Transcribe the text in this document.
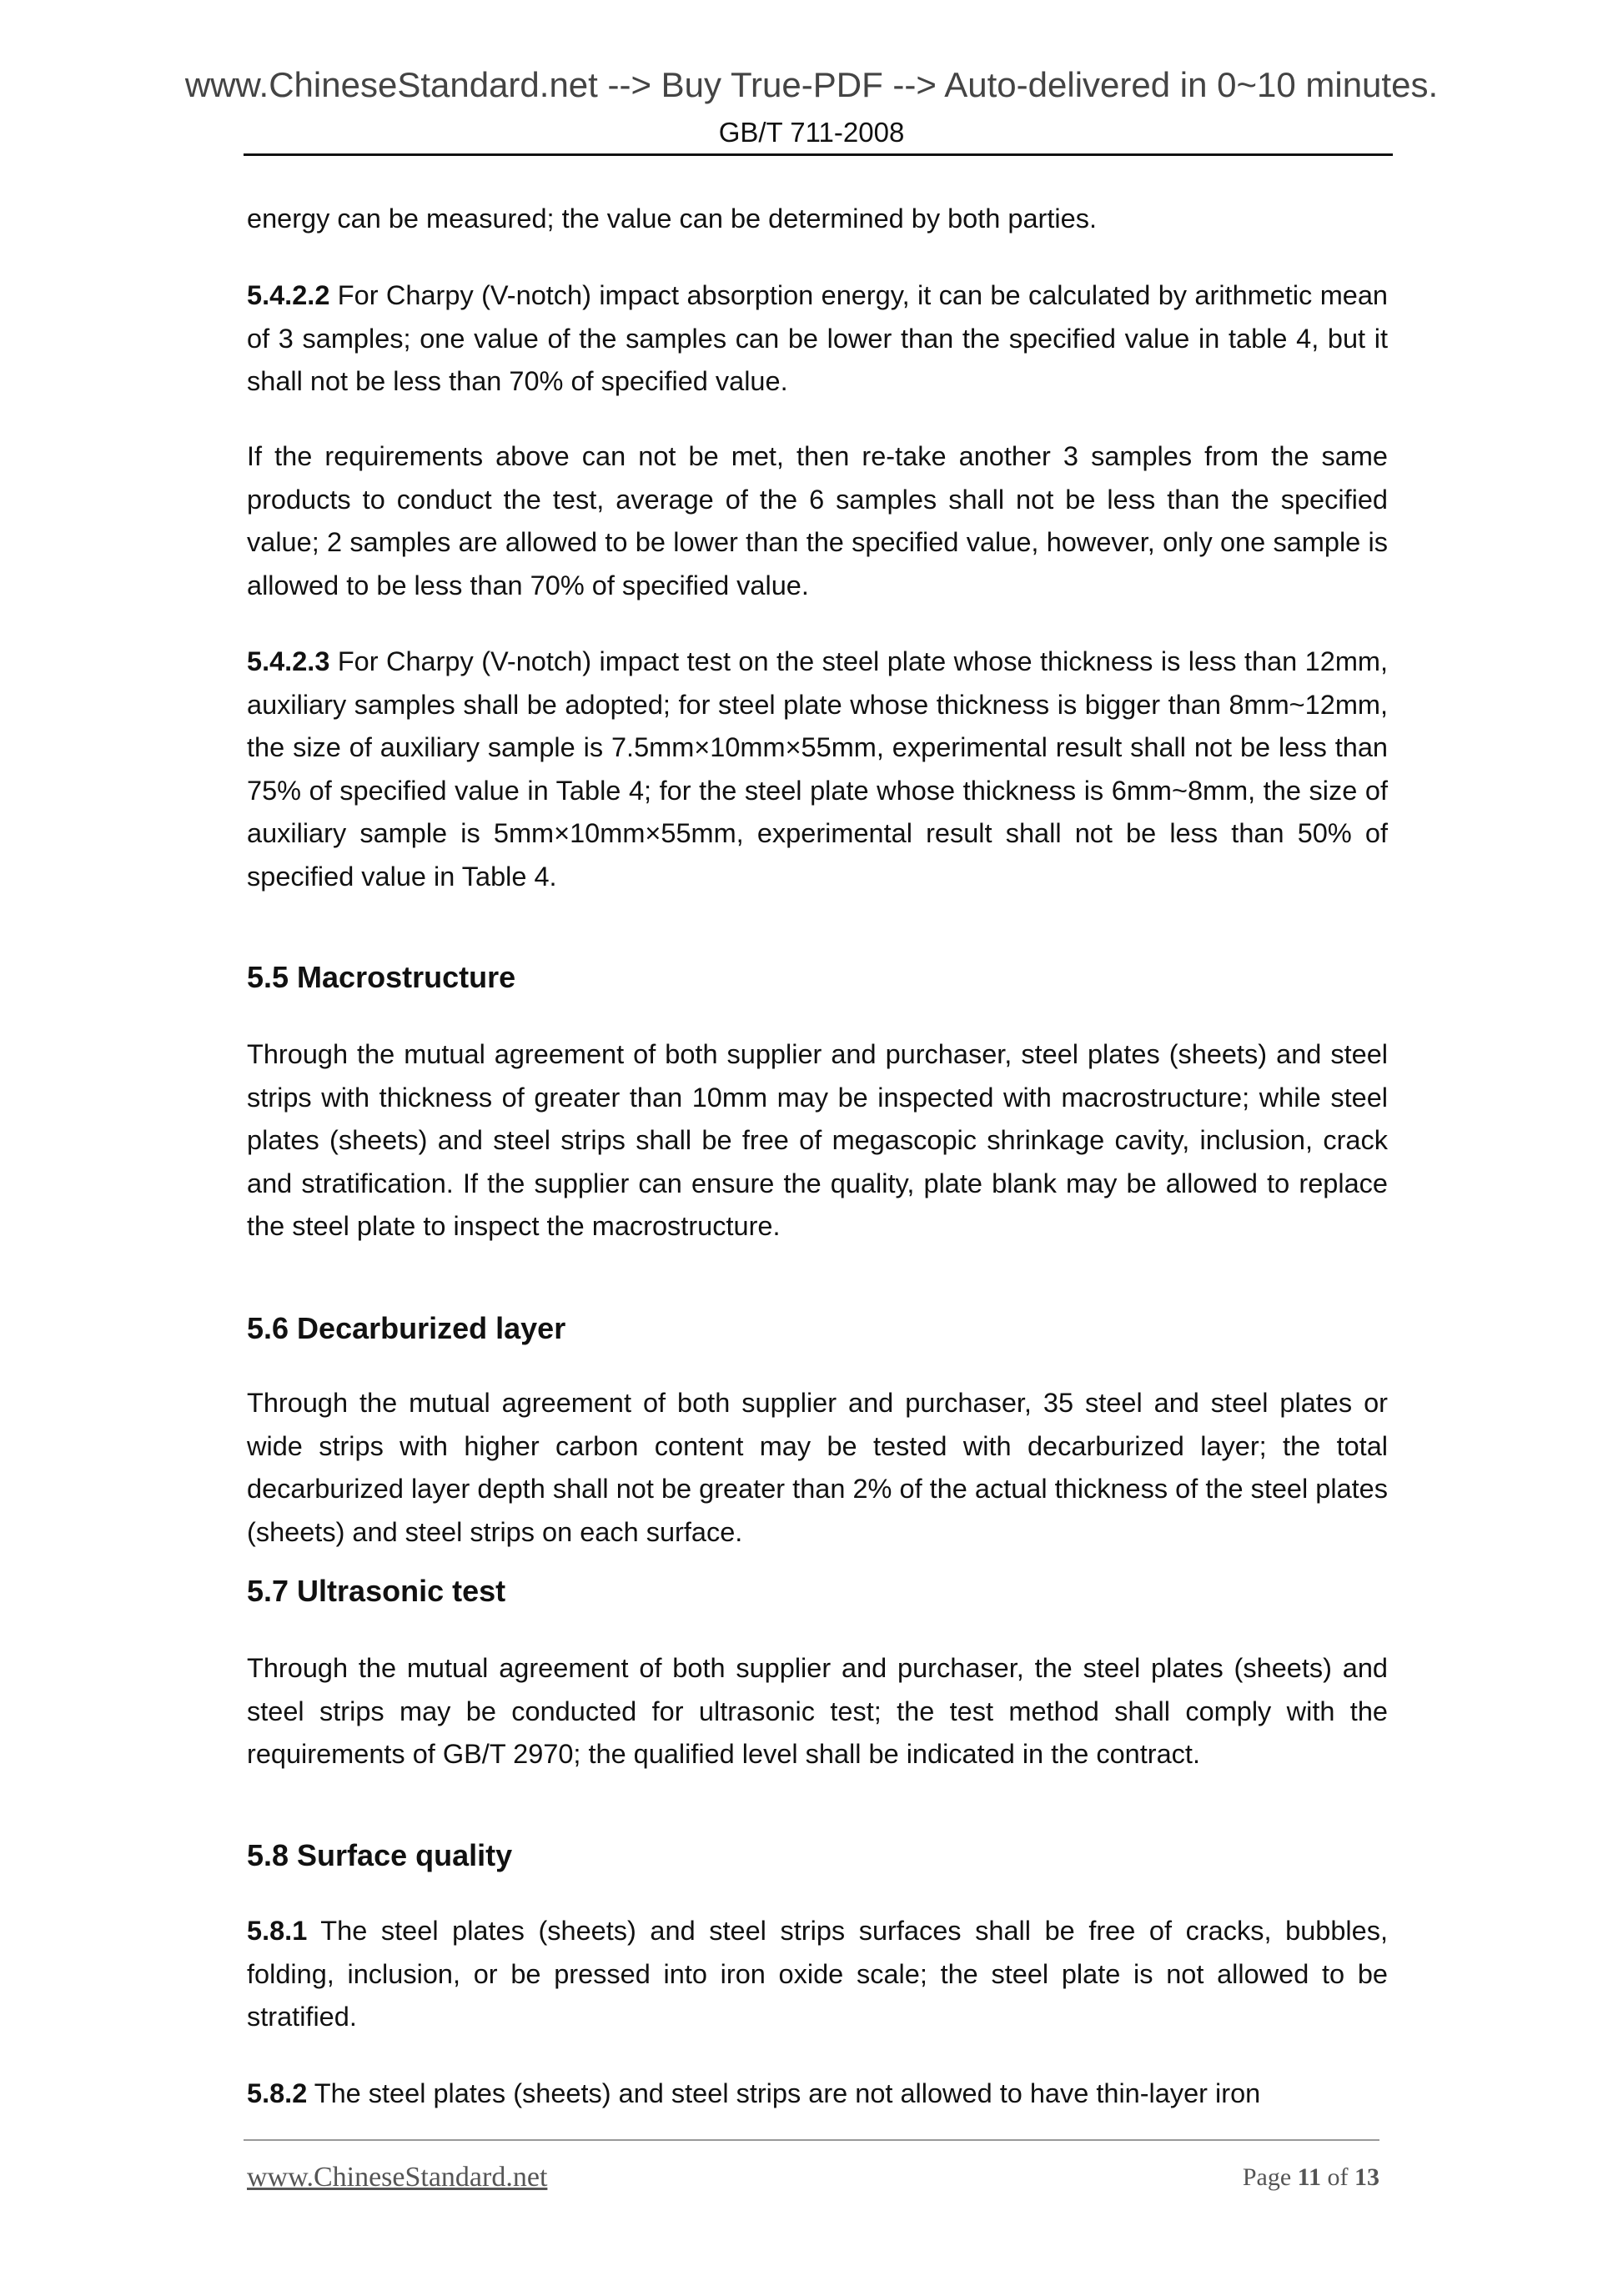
www.ChineseStandard.net --> Buy True-PDF --> Auto-delivered in 0~10 minutes.
GB/T 711-2008
energy can be measured; the value can be determined by both parties.
5.4.2.2 For Charpy (V-notch) impact absorption energy, it can be calculated by arithmetic mean of 3 samples; one value of the samples can be lower than the specified value in table 4, but it shall not be less than 70% of specified value.
If the requirements above can not be met, then re-take another 3 samples from the same products to conduct the test, average of the 6 samples shall not be less than the specified value; 2 samples are allowed to be lower than the specified value, however, only one sample is allowed to be less than 70% of specified value.
5.4.2.3 For Charpy (V-notch) impact test on the steel plate whose thickness is less than 12mm, auxiliary samples shall be adopted; for steel plate whose thickness is bigger than 8mm~12mm, the size of auxiliary sample is 7.5mm×10mm×55mm, experimental result shall not be less than 75% of specified value in Table 4; for the steel plate whose thickness is 6mm~8mm, the size of auxiliary sample is 5mm×10mm×55mm, experimental result shall not be less than 50% of specified value in Table 4.
5.5 Macrostructure
Through the mutual agreement of both supplier and purchaser, steel plates (sheets) and steel strips with thickness of greater than 10mm may be inspected with macrostructure; while steel plates (sheets) and steel strips shall be free of megascopic shrinkage cavity, inclusion, crack and stratification. If the supplier can ensure the quality, plate blank may be allowed to replace the steel plate to inspect the macrostructure.
5.6 Decarburized layer
Through the mutual agreement of both supplier and purchaser, 35 steel and steel plates or wide strips with higher carbon content may be tested with decarburized layer; the total decarburized layer depth shall not be greater than 2% of the actual thickness of the steel plates (sheets) and steel strips on each surface.
5.7 Ultrasonic test
Through the mutual agreement of both supplier and purchaser, the steel plates (sheets) and steel strips may be conducted for ultrasonic test; the test method shall comply with the requirements of GB/T 2970; the qualified level shall be indicated in the contract.
5.8 Surface quality
5.8.1 The steel plates (sheets) and steel strips surfaces shall be free of cracks, bubbles, folding, inclusion, or be pressed into iron oxide scale; the steel plate is not allowed to be stratified.
5.8.2 The steel plates (sheets) and steel strips are not allowed to have thin-layer iron
www.ChineseStandard.net	Page 11 of 13
